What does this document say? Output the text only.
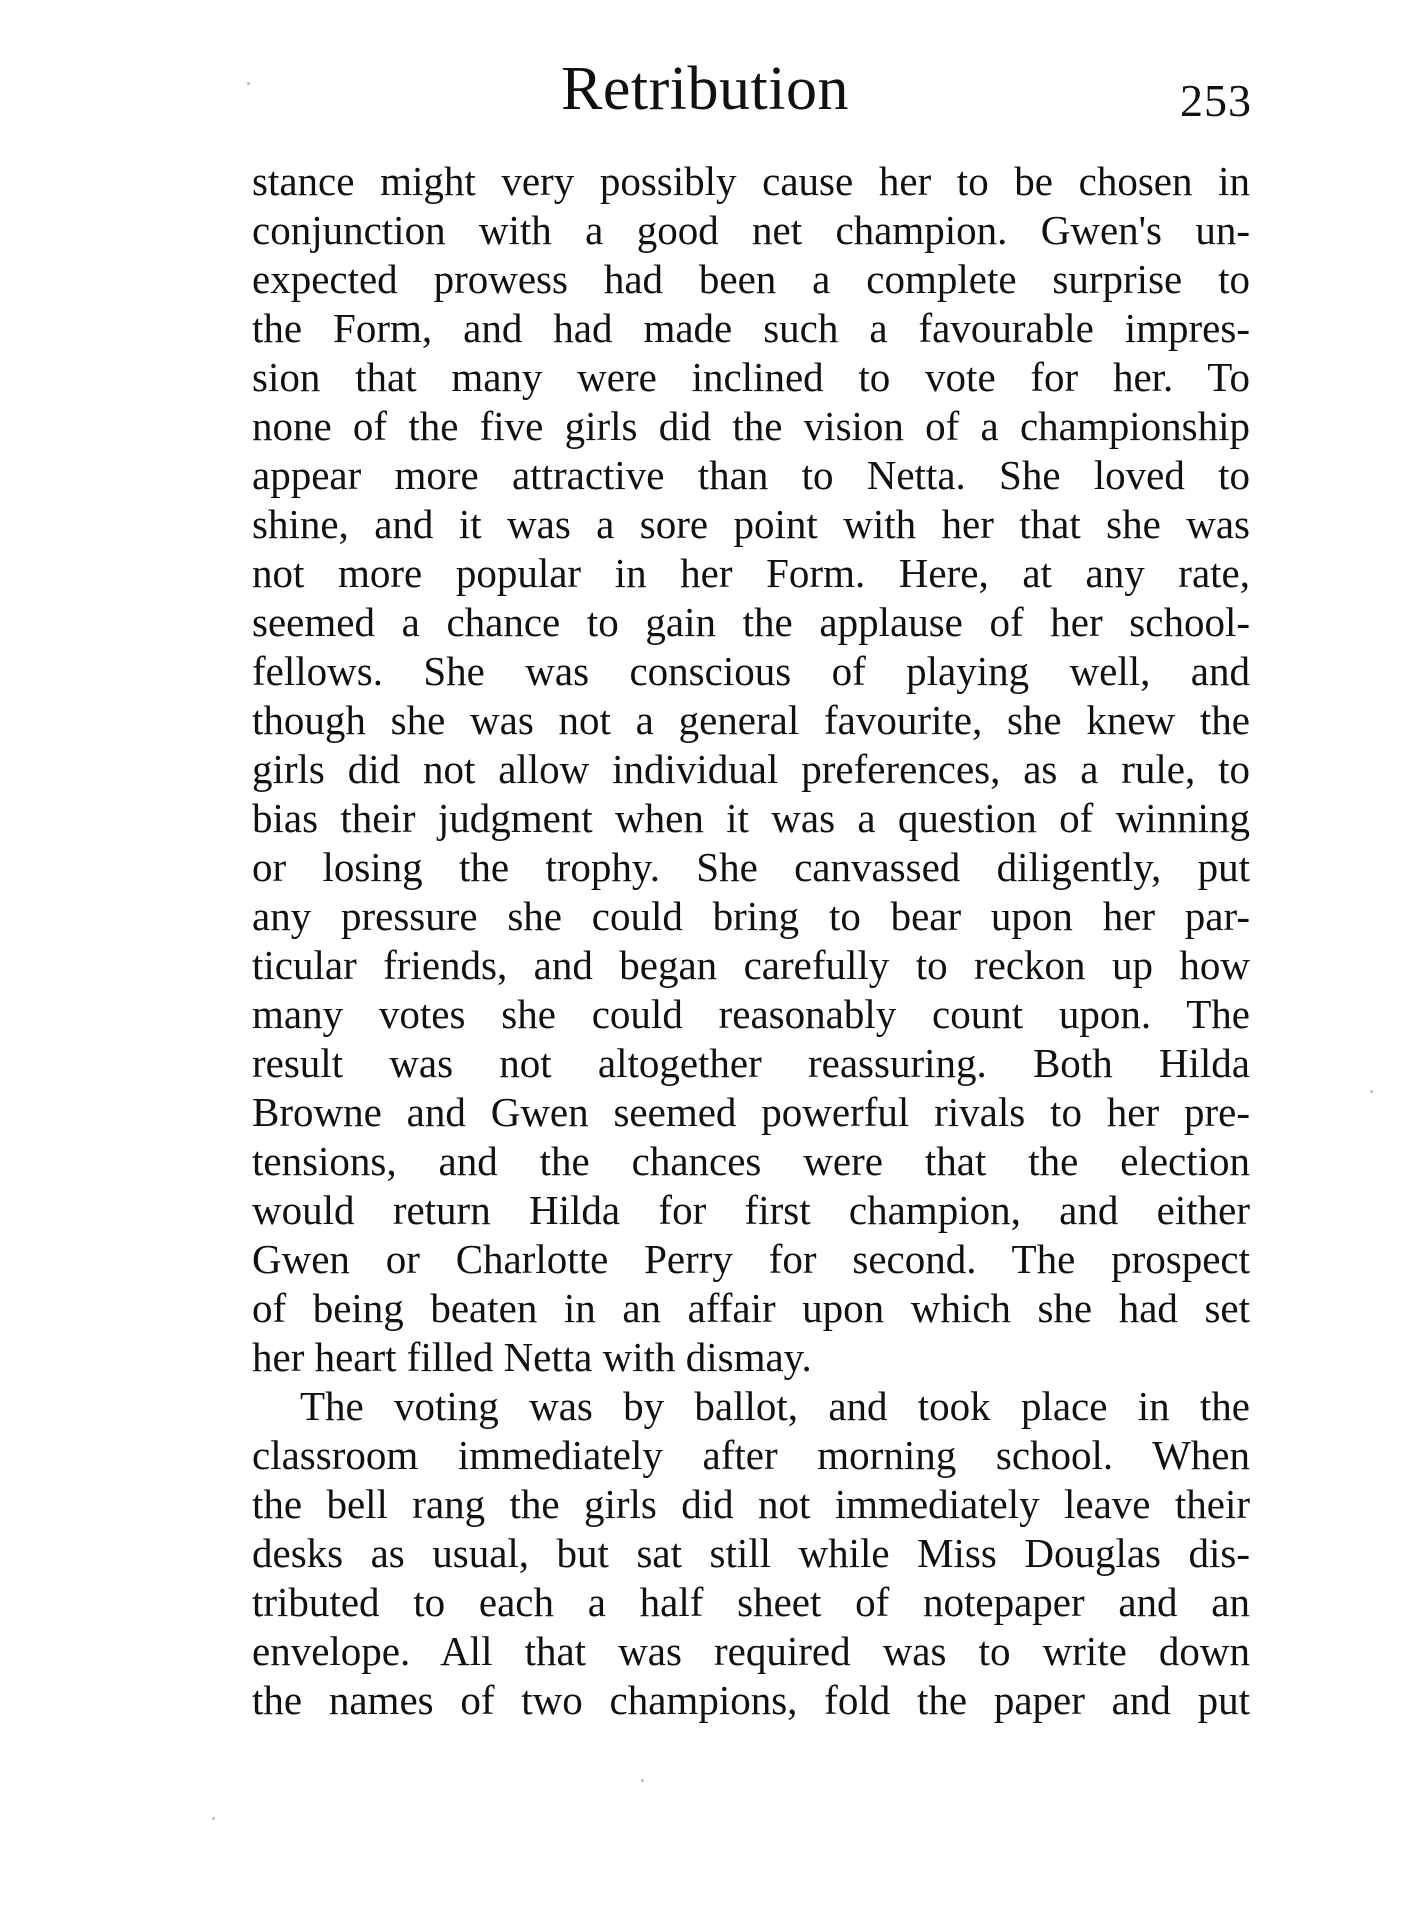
Retribution	253
stance might very possibly cause her to be chosen in
conjunction with a good net champion. Gwen's un-
expected prowess had been a complete surprise to
the Form, and had made such a favourable impres-
sion that many were inclined to vote for her. To
none of the five girls did the vision of a championship
appear more attractive than to Netta. She loved to
shine, and it was a sore point with her that she was
not more popular in her Form. Here, at any rate,
seemed a chance to gain the applause of her school-
fellows. She was conscious of playing well, and
though she was not a general favourite, she knew the
girls did not allow individual preferences, as a rule, to
bias their judgment when it was a question of winning
or losing the trophy. She canvassed diligently, put
any pressure she could bring to bear upon her par-
ticular friends, and began carefully to reckon up how
many votes she could reasonably count upon. The
result was not altogether reassuring. Both Hilda
Browne and Gwen seemed powerful rivals to her pre-
tensions, and the chances were that the election
would return Hilda for first champion, and either
Gwen or Charlotte Perry for second. The prospect
of being beaten in an affair upon which she had set
her heart filled Netta with dismay.
The voting was by ballot, and took place in the
classroom immediately after morning school. When
the bell rang the girls did not immediately leave their
desks as usual, but sat still while Miss Douglas dis-
tributed to each a half sheet of notepaper and an
envelope. All that was required was to write down
the names of two champions, fold the paper and put
